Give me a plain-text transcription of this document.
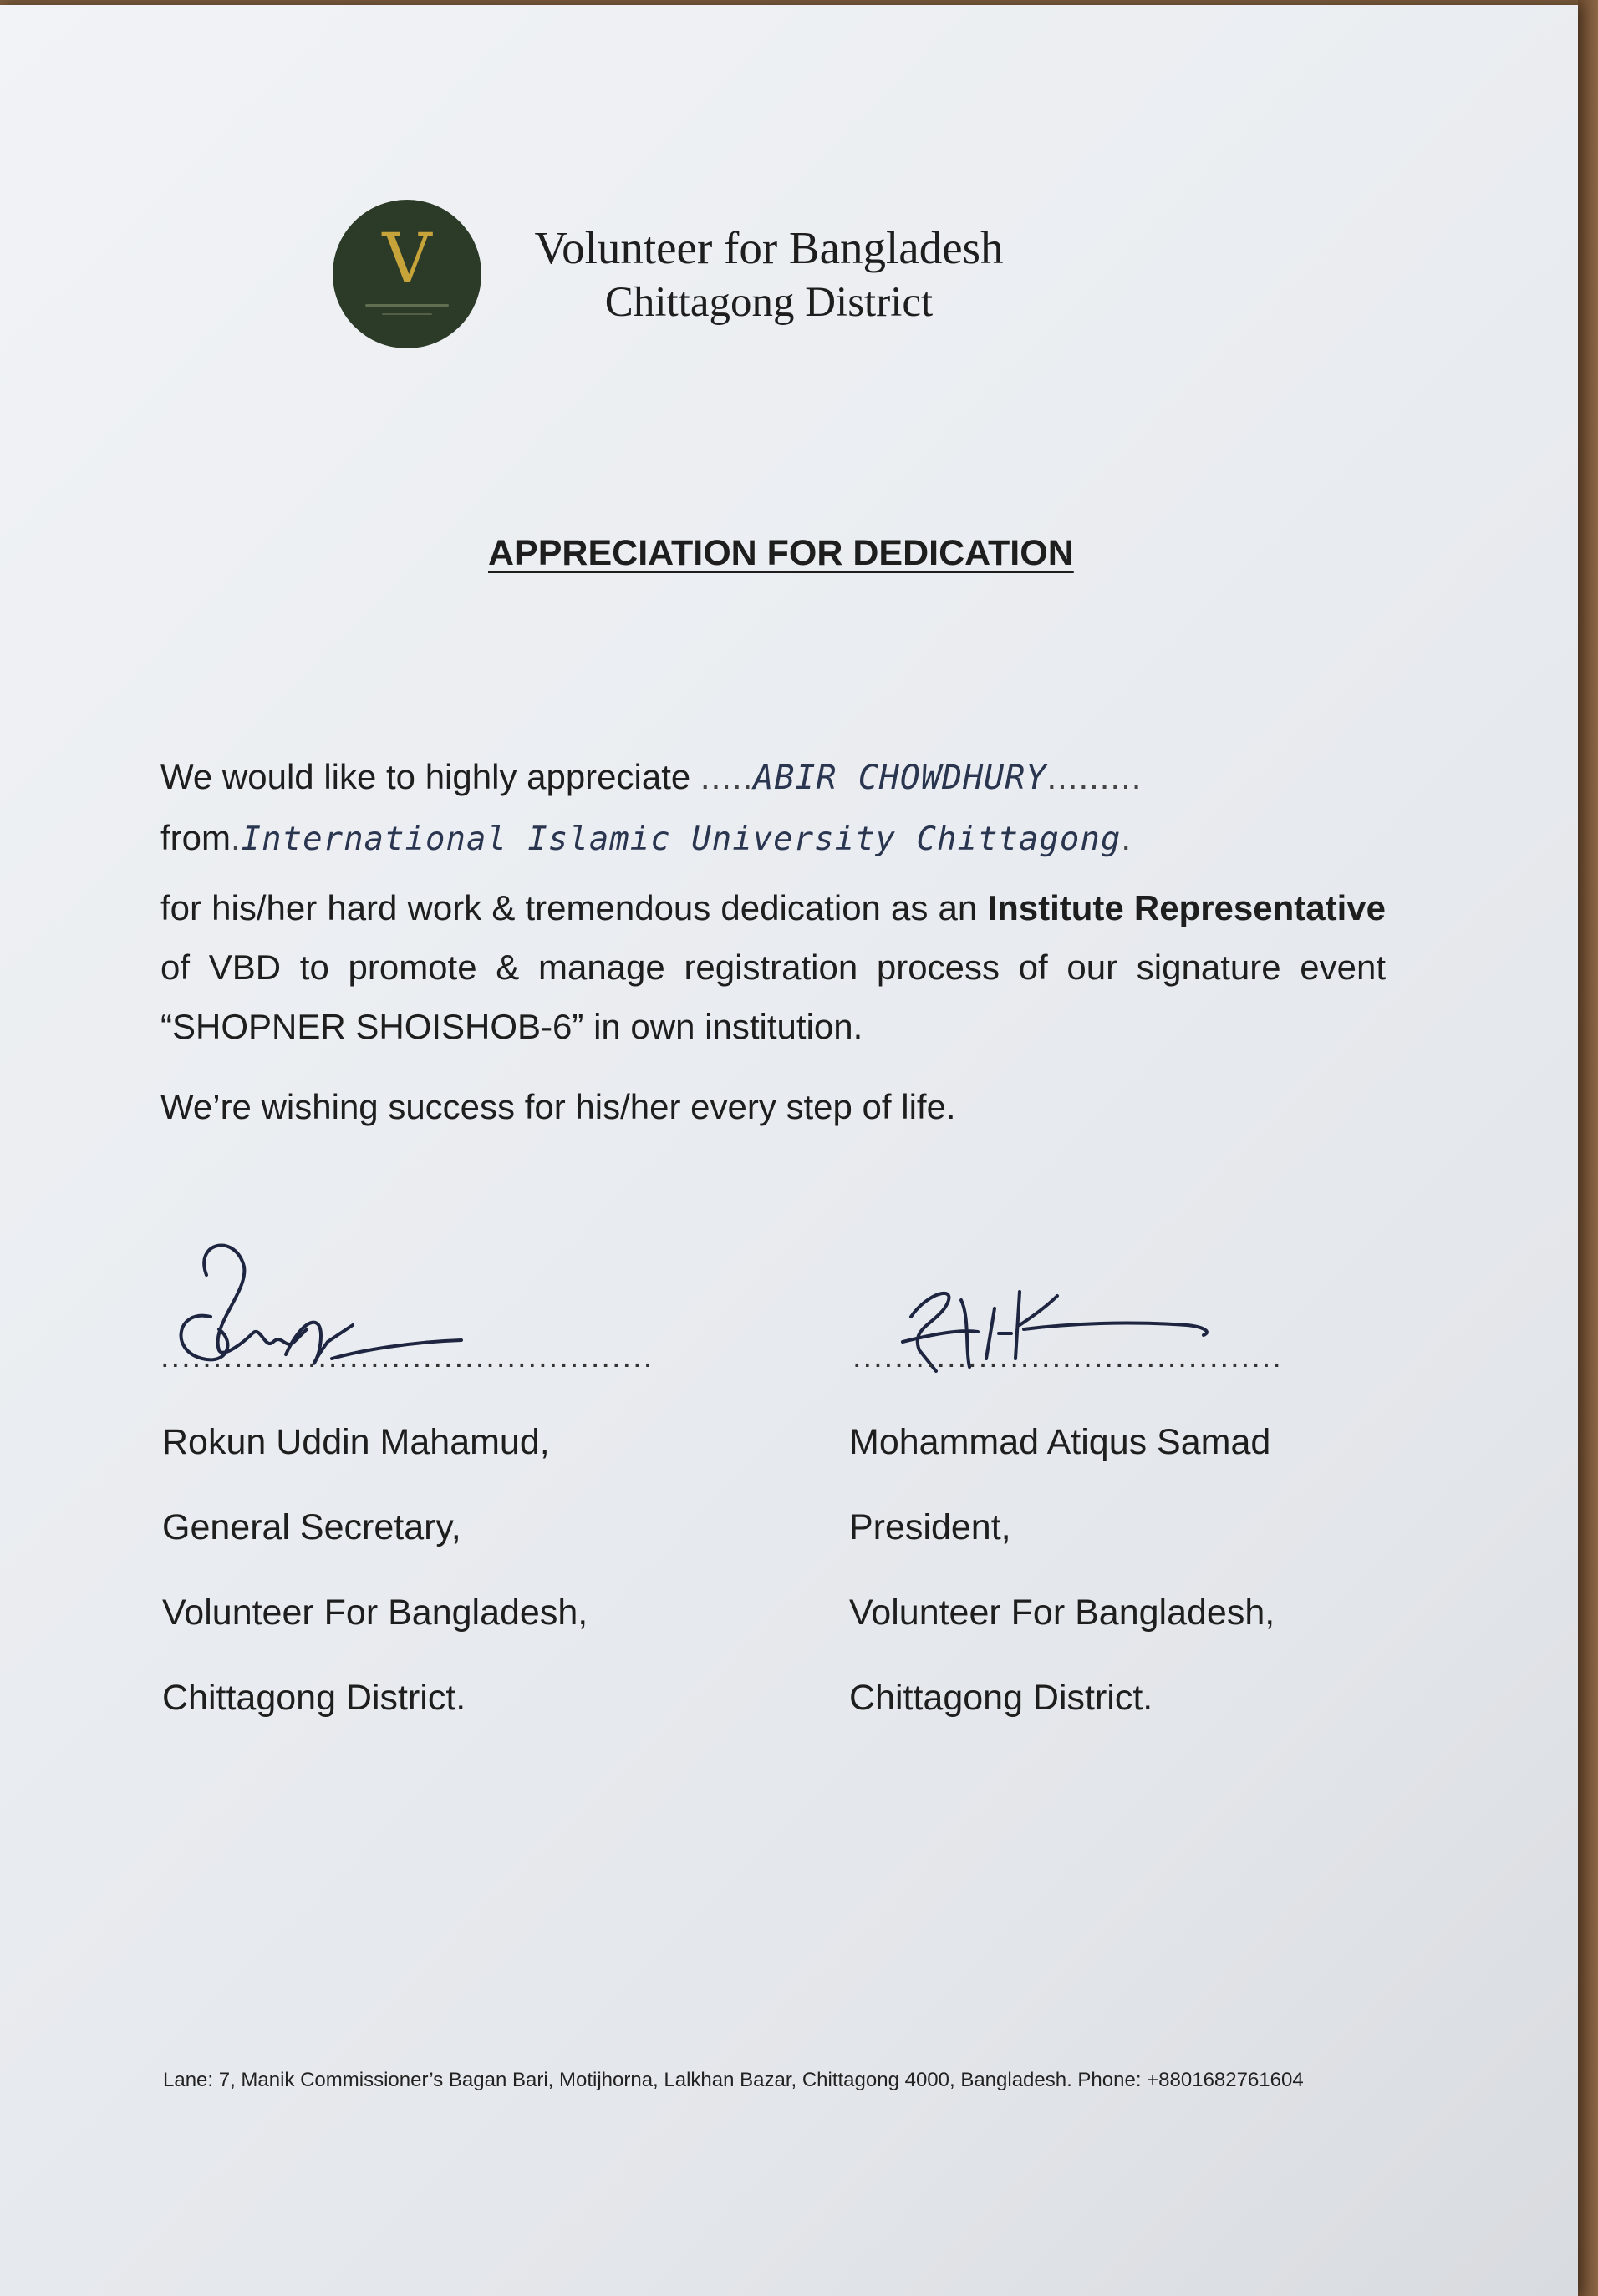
V	Volunteer for Bangladesh
Chittagong District
APPRECIATION FOR DEDICATION
We would like to highly appreciate .....ABIR CHOWDHURY.........
from.International Islamic University Chittagong.
for his/her hard work & tremendous dedication as an Institute Representative of VBD to promote & manage registration process of our signature event “SHOPNER SHOISHOB-6” in own institution.
We’re wishing success for his/her every step of life.
...............................................	.........................................
Rokun Uddin Mahamud,
General Secretary,
Volunteer For Bangladesh,
Chittagong District.
Mohammad Atiqus Samad
President,
Volunteer For Bangladesh,
Chittagong District.
Lane: 7, Manik Commissioner’s Bagan Bari, Motijhorna, Lalkhan Bazar, Chittagong 4000, Bangladesh. Phone: +8801682761604
